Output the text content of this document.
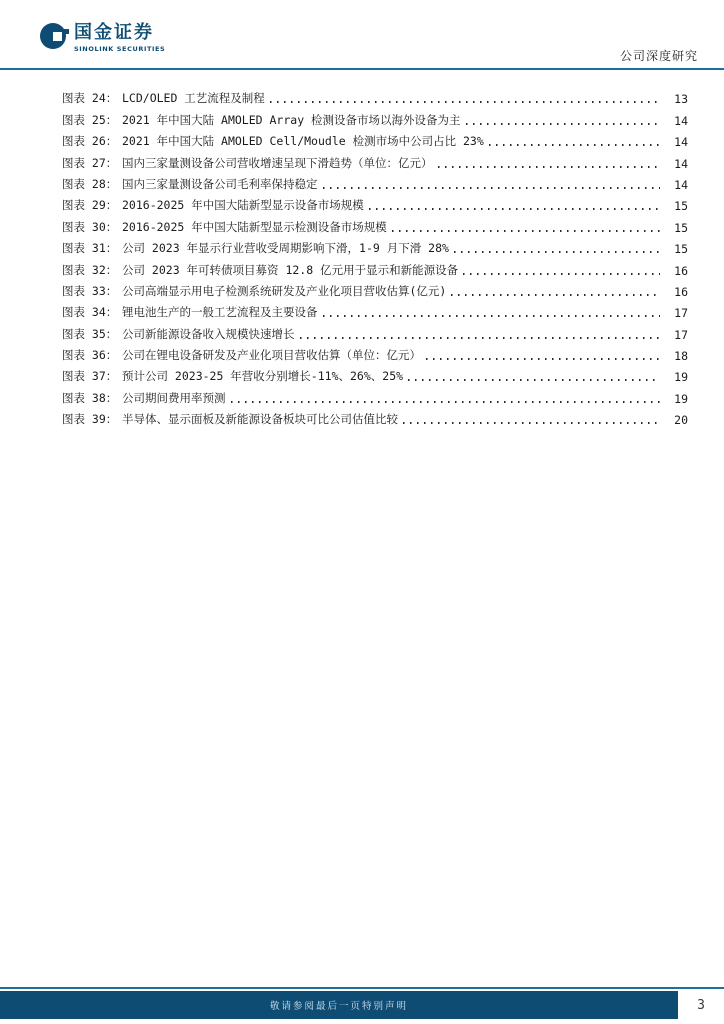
国金证券
SINOLINK SECURITIES	公司深度研究
图表 24： LCD/OLED 工艺流程及制程	13
图表 25： 2021 年中国大陆 AMOLED Array 检测设备市场以海外设备为主	14
图表 26： 2021 年中国大陆 AMOLED Cell/Moudle 检测市场中公司占比 23%	14
图表 27： 国内三家量测设备公司营收增速呈现下滑趋势（单位：亿元）	14
图表 28： 国内三家量测设备公司毛利率保持稳定	14
图表 29： 2016-2025 年中国大陆新型显示设备市场规模	15
图表 30： 2016-2025 年中国大陆新型显示检测设备市场规模	15
图表 31： 公司 2023 年显示行业营收受周期影响下滑，1-9 月下滑 28%	15
图表 32： 公司 2023 年可转债项目募资 12.8 亿元用于显示和新能源设备	16
图表 33： 公司高端显示用电子检测系统研发及产业化项目营收估算(亿元)	16
图表 34： 锂电池生产的一般工艺流程及主要设备	17
图表 35： 公司新能源设备收入规模快速增长	17
图表 36： 公司在锂电设备研发及产业化项目营收估算（单位：亿元）	18
图表 37： 预计公司 2023-25 年营收分别增长-11%、26%、25%	19
图表 38： 公司期间费用率预测	19
图表 39： 半导体、显示面板及新能源设备板块可比公司估值比较	20
敬请参阅最后一页特别声明	3
